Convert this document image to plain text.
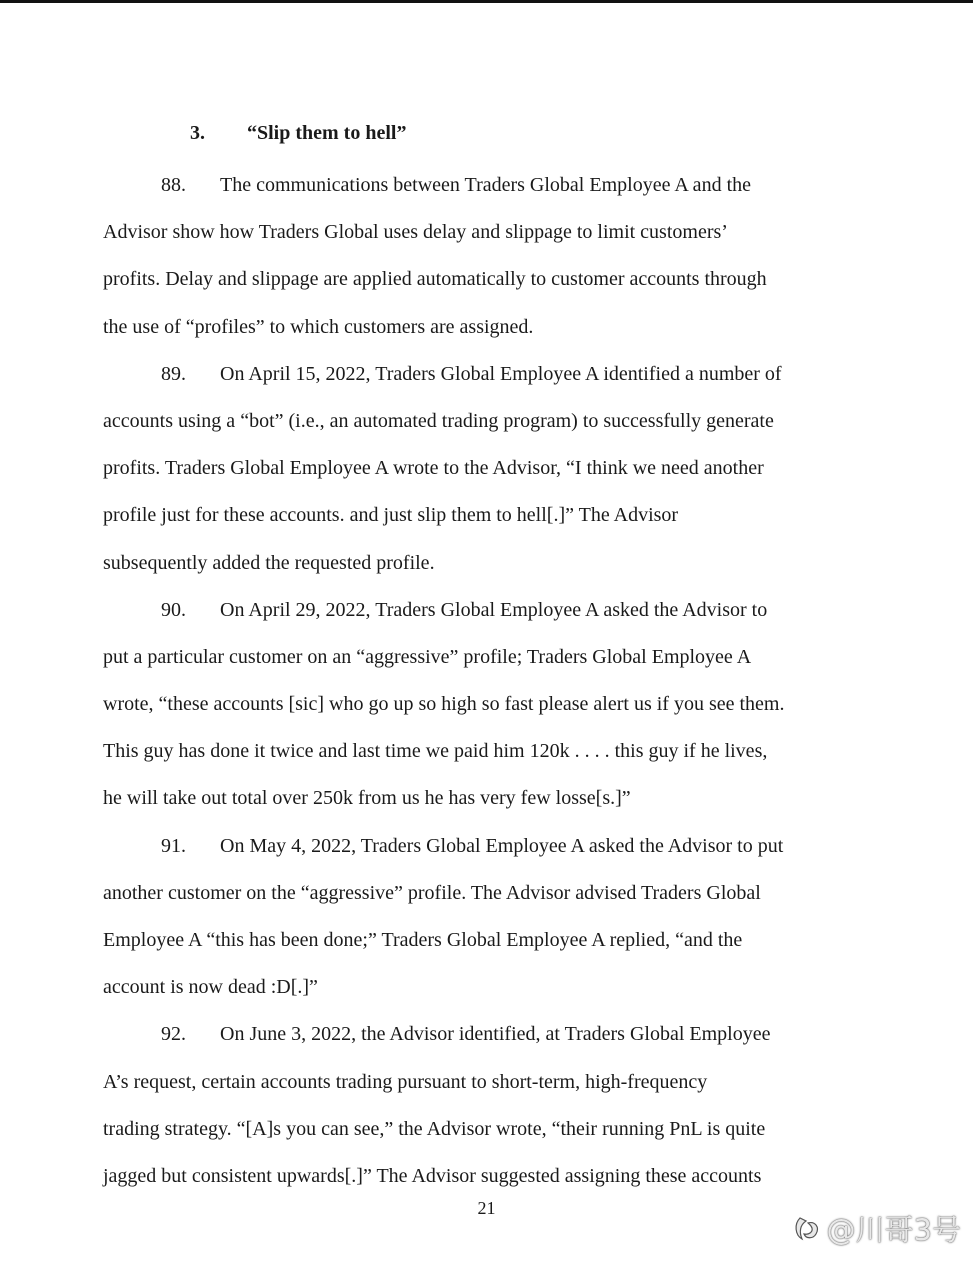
3. “Slip them to hell”
88. The communications between Traders Global Employee A and the
Advisor show how Traders Global uses delay and slippage to limit customers’
profits. Delay and slippage are applied automatically to customer accounts through
the use of “profiles” to which customers are assigned.
89. On April 15, 2022, Traders Global Employee A identified a number of
accounts using a “bot” (i.e., an automated trading program) to successfully generate
profits. Traders Global Employee A wrote to the Advisor, “I think we need another
profile just for these accounts. and just slip them to hell[.]” The Advisor
subsequently added the requested profile.
90. On April 29, 2022, Traders Global Employee A asked the Advisor to
put a particular customer on an “aggressive” profile; Traders Global Employee A
wrote, “these accounts [sic] who go up so high so fast please alert us if you see them.
This guy has done it twice and last time we paid him 120k . . . . this guy if he lives,
he will take out total over 250k from us he has very few losse[s.]”
91. On May 4, 2022, Traders Global Employee A asked the Advisor to put
another customer on the “aggressive” profile. The Advisor advised Traders Global
Employee A “this has been done;” Traders Global Employee A replied, “and the
account is now dead :D[.]”
92. On June 3, 2022, the Advisor identified, at Traders Global Employee
A’s request, certain accounts trading pursuant to short-term, high-frequency
trading strategy. “[A]s you can see,” the Advisor wrote, “their running PnL is quite
jagged but consistent upwards[.]” The Advisor suggested assigning these accounts
21
@川哥3号
